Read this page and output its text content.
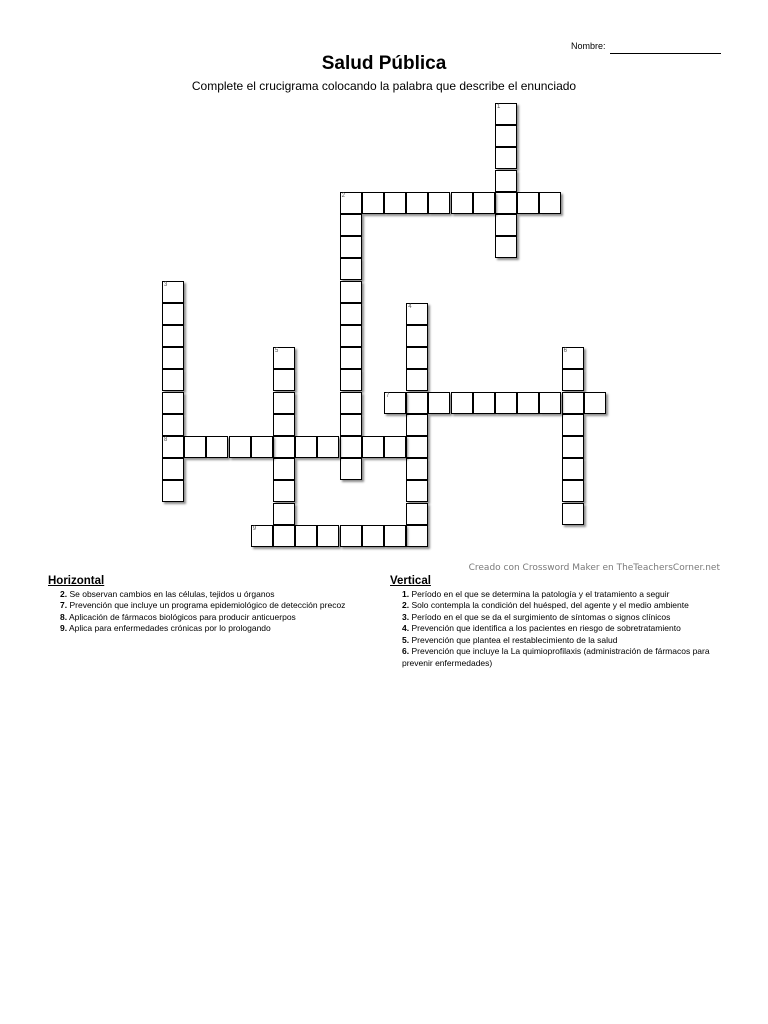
Nombre:
Salud Pública
Complete el crucigrama colocando la palabra que describe el enunciado
1
2
3
8
4
5	6
7
9
Creado con Crossword Maker en TheTeachersCorner.net
Horizontal
2. Se observan cambios en las células, tejidos u órganos
7. Prevención que incluye un programa epidemiológico de detección precoz
8. Aplicación de fármacos biológicos para producir anticuerpos
9. Aplica para enfermedades crónicas por lo prologando
Vertical
1. Período en el que se determina la patología y el tratamiento a seguir
2. Solo contempla la condición del huésped, del agente y el medio ambiente
3. Período en el que se da el surgimiento de síntomas o signos clínicos
4. Prevención que identifica a los pacientes en riesgo de sobretratamiento
5. Prevención que plantea el restablecimiento de la salud
6. Prevención que incluye la La quimioprofilaxis (administración de fármacos para prevenir enfermedades)
